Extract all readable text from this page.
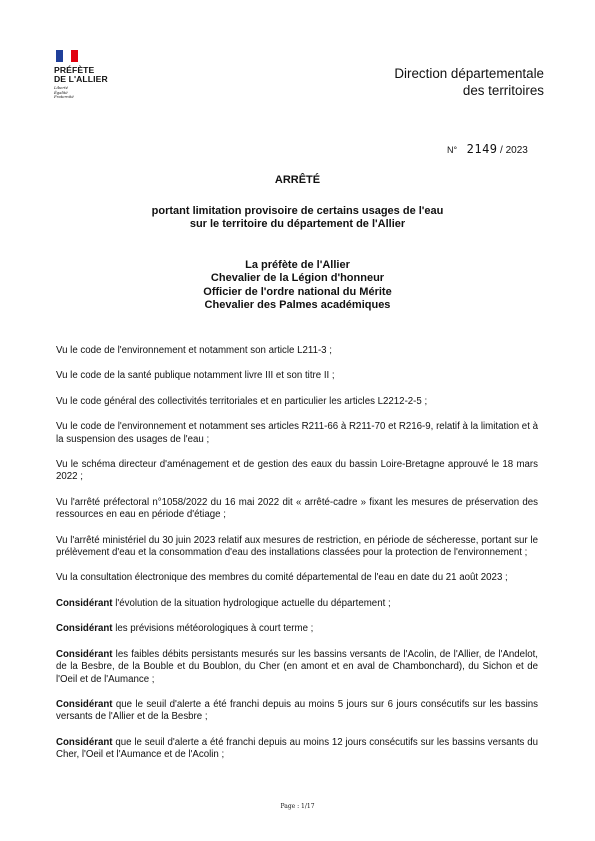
PRÉFÈTE
DE L'ALLIER
Liberté
Égalité
Fraternité
Direction départementale
des territoires
N° 2149 / 2023
ARRÊTÉ
portant limitation provisoire de certains usages de l'eau
sur le territoire du département de l'Allier
La préfète de l'Allier
Chevalier de la Légion d'honneur
Officier de l'ordre national du Mérite
Chevalier des Palmes académiques

Vu le code de l'environnement et notamment son article L211-3 ;

Vu le code de la santé publique notamment livre III et son titre II ;

Vu le code général des collectivités territoriales et en particulier les articles L2212-2-5 ;

Vu le code de l'environnement et notamment ses articles R211-66 à R211-70 et R216-9, relatif à la limitation et à la suspension des usages de l'eau ;

Vu le schéma directeur d'aménagement et de gestion des eaux du bassin Loire-Bretagne approuvé le 18 mars 2022 ;

Vu l'arrêté préfectoral n°1058/2022 du 16 mai 2022 dit « arrêté-cadre » fixant les mesures de préservation des ressources en eau en période d'étiage ;

Vu l'arrêté ministériel du 30 juin 2023 relatif aux mesures de restriction, en période de sécheresse, portant sur le prélèvement d'eau et la consommation d'eau des installations classées pour la protection de l'environnement ;

Vu la consultation électronique des membres du comité départemental de l'eau en date du 21 août 2023 ;

Considérant l'évolution de la situation hydrologique actuelle du département ;

Considérant les prévisions météorologiques à court terme ;

Considérant les faibles débits persistants mesurés sur les bassins versants de l'Acolin, de l'Allier, de l'Andelot, de la Besbre, de la Bouble et du Boublon, du Cher (en amont et en aval de Chambonchard), du Sichon et de l'Oeil et de l'Aumance ;

Considérant que le seuil d'alerte a été franchi depuis au moins 5 jours sur 6 jours consécutifs sur les bassins versants de l'Allier et de la Besbre ;

Considérant que le seuil d'alerte a été franchi depuis au moins 12 jours consécutifs sur les bassins versants du Cher, l'Oeil et l'Aumance et de l'Acolin ;

Page : 1/17
